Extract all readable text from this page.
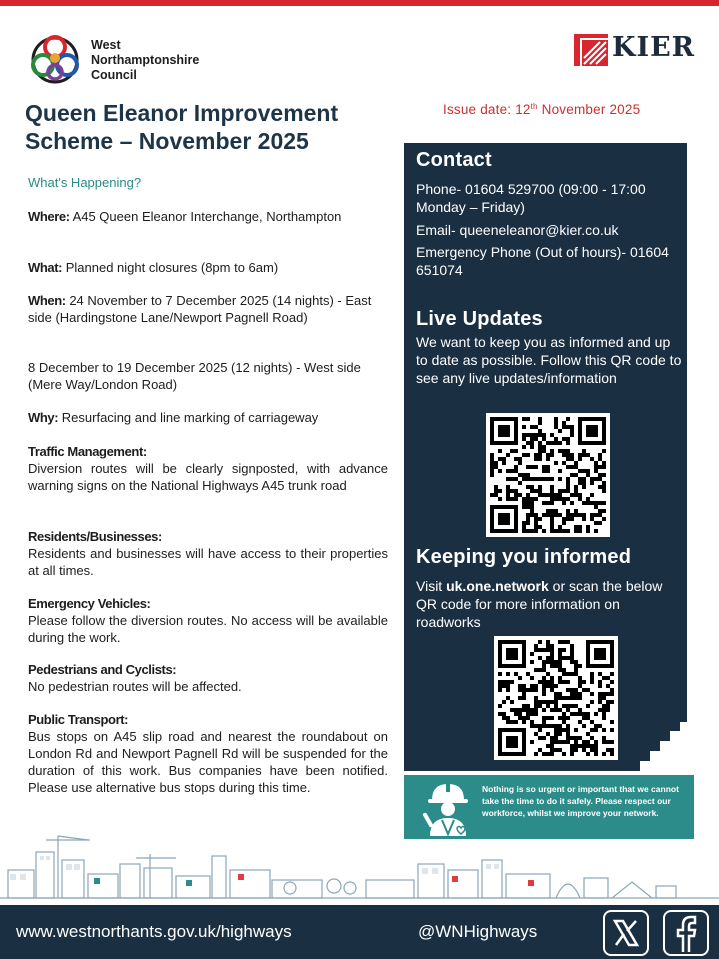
West
Northamptonshire
Council
KIER
Queen Eleanor Improvement
Scheme – November 2025
Issue date: 12th November 2025
What's Happening?
Where: A45 Queen Eleanor Interchange, Northampton
What: Planned night closures (8pm to 6am)
When: 24 November to 7 December 2025 (14 nights) - East side (Hardingstone Lane/Newport Pagnell Road)
8 December to 19 December 2025 (12 nights) - West side (Mere Way/London Road)
Why: Resurfacing and line marking of carriageway
Traffic Management:
Diversion routes will be clearly signposted, with advance warning signs on the National Highways A45 trunk road
Residents/Businesses:
Residents and businesses will have access to their properties at all times.
Emergency Vehicles:
Please follow the diversion routes. No access will be available during the work.
Pedestrians and Cyclists:
No pedestrian routes will be affected.
Public Transport:
Bus stops on A45 slip road and nearest the roundabout on London Rd and Newport Pagnell Rd will be suspended for the duration of this work. Bus companies have been notified. Please use alternative bus stops during this time.
Contact
Phone- 01604 529700 (09:00 - 17:00 Monday – Friday)
Email- queeneleanor@kier.co.uk
Emergency Phone (Out of hours)- 01604 651074
Live Updates
We want to keep you as informed and up to date as possible. Follow this QR code to see any live updates/information
Keeping you informed
Visit uk.one.network or scan the below QR code for more information on roadworks
Nothing is so urgent or important that we cannot take the time to do it safely. Please respect our workforce, whilst we improve your network.
www.westnorthants.gov.uk/highways	@WNHighways
